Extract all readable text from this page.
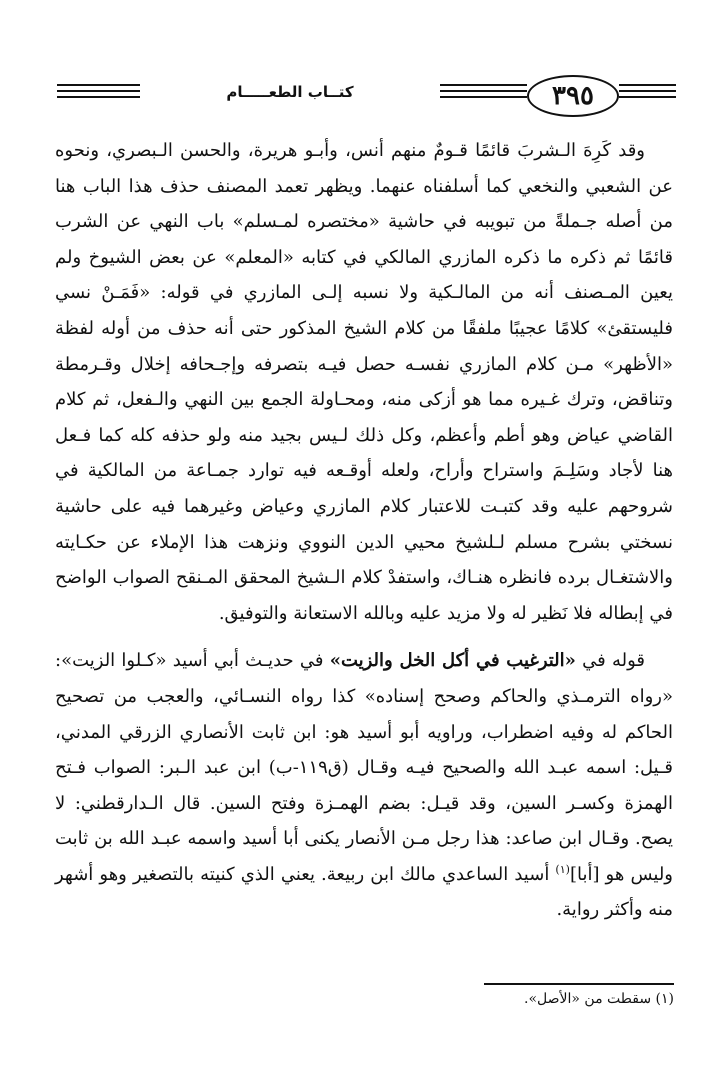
كتــاب الطعـــــام	٣٩٥

وقد كَرِهَ الـشربَ قائمًا قـومٌ منهم أنس، وأبـو هريرة، والحسن الـبصري، ونحوه عن الشعبي والنخعي كما أسلفناه عنهما. ويظهر تعمد المصنف حذف هذا الباب هنا من أصله جـملةً من تبويبه في حاشية «مختصره لمـسلم» باب النهي عن الشرب قائمًا ثم ذكره ما ذكره المازري المالكي في كتابه «المعلم» عن بعض الشيوخ ولم يعين المـصنف أنه من المالـكية ولا نسبه إلـى المازري في قوله: «فَمَـنْ نسي فليستقئ» كلامًا عجيبًا ملفقًا من كلام الشيخ المذكور حتى أنه حذف من أوله لفظة «الأظهر» مـن كلام المازري نفسـه حصل فيـه بتصرفه وإجـحافه إخلال وقـرمطة وتناقض، وترك غـيره مما هو أزكى منه، ومحـاولة الجمع بين النهي والـفعل، ثم كلام القاضي عياض وهو أطم وأعظم، وكل ذلك لـيس بجيد منه ولو حذفه كله كما فـعل هنا لأجاد وسَلِـمَ واستراح وأراح، ولعله أوقـعه فيه توارد جمـاعة من المالكية في شروحهم عليه وقد كتبـت للاعتبار كلام المازري وعياض وغيرهما فيه على حاشية نسختي بشرح مسلم لـلشيخ محيي الدين النووي ونزهت هذا الإملاء عن حكـايته والاشتغـال برده فانظره هنـاك، واستفدْ كلام الـشيخ المحقق المـنقح الصواب الواضح في إبطاله فلا نَظير له ولا مزيد عليه وبالله الاستعانة والتوفيق.

قوله في «الترغيب في أكل الخل والزيت» في حديـث أبي أسيد «كـلوا الزيت»: «رواه الترمـذي والحاكم وصحح إسناده» كذا رواه النسـائي، والعجب من تصحيح الحاكم له وفيه اضطراب، وراويه أبو أسيد هو: ابن ثابت الأنصاري الزرقي المدني، قـيل: اسمه عبـد الله والصحيح فيـه وقـال (ق١١٩-ب) ابن عبد الـبر: الصواب فـتح الهمزة وكسـر السين، وقد قيـل: بضم الهمـزة وفتح السين. قال الـدارقطني: لا يصح. وقـال ابن صاعد: هذا رجل مـن الأنصار يكنى أبا أسيد واسمه عبـد الله بن ثابت وليس هو [أبا]$^{(١)}$ أسيد الساعدي مالك ابن ربيعة. يعني الذي كنيته بالتصغير وهو أشهر منه وأكثر رواية.

(١) سقطت من «الأصل».
